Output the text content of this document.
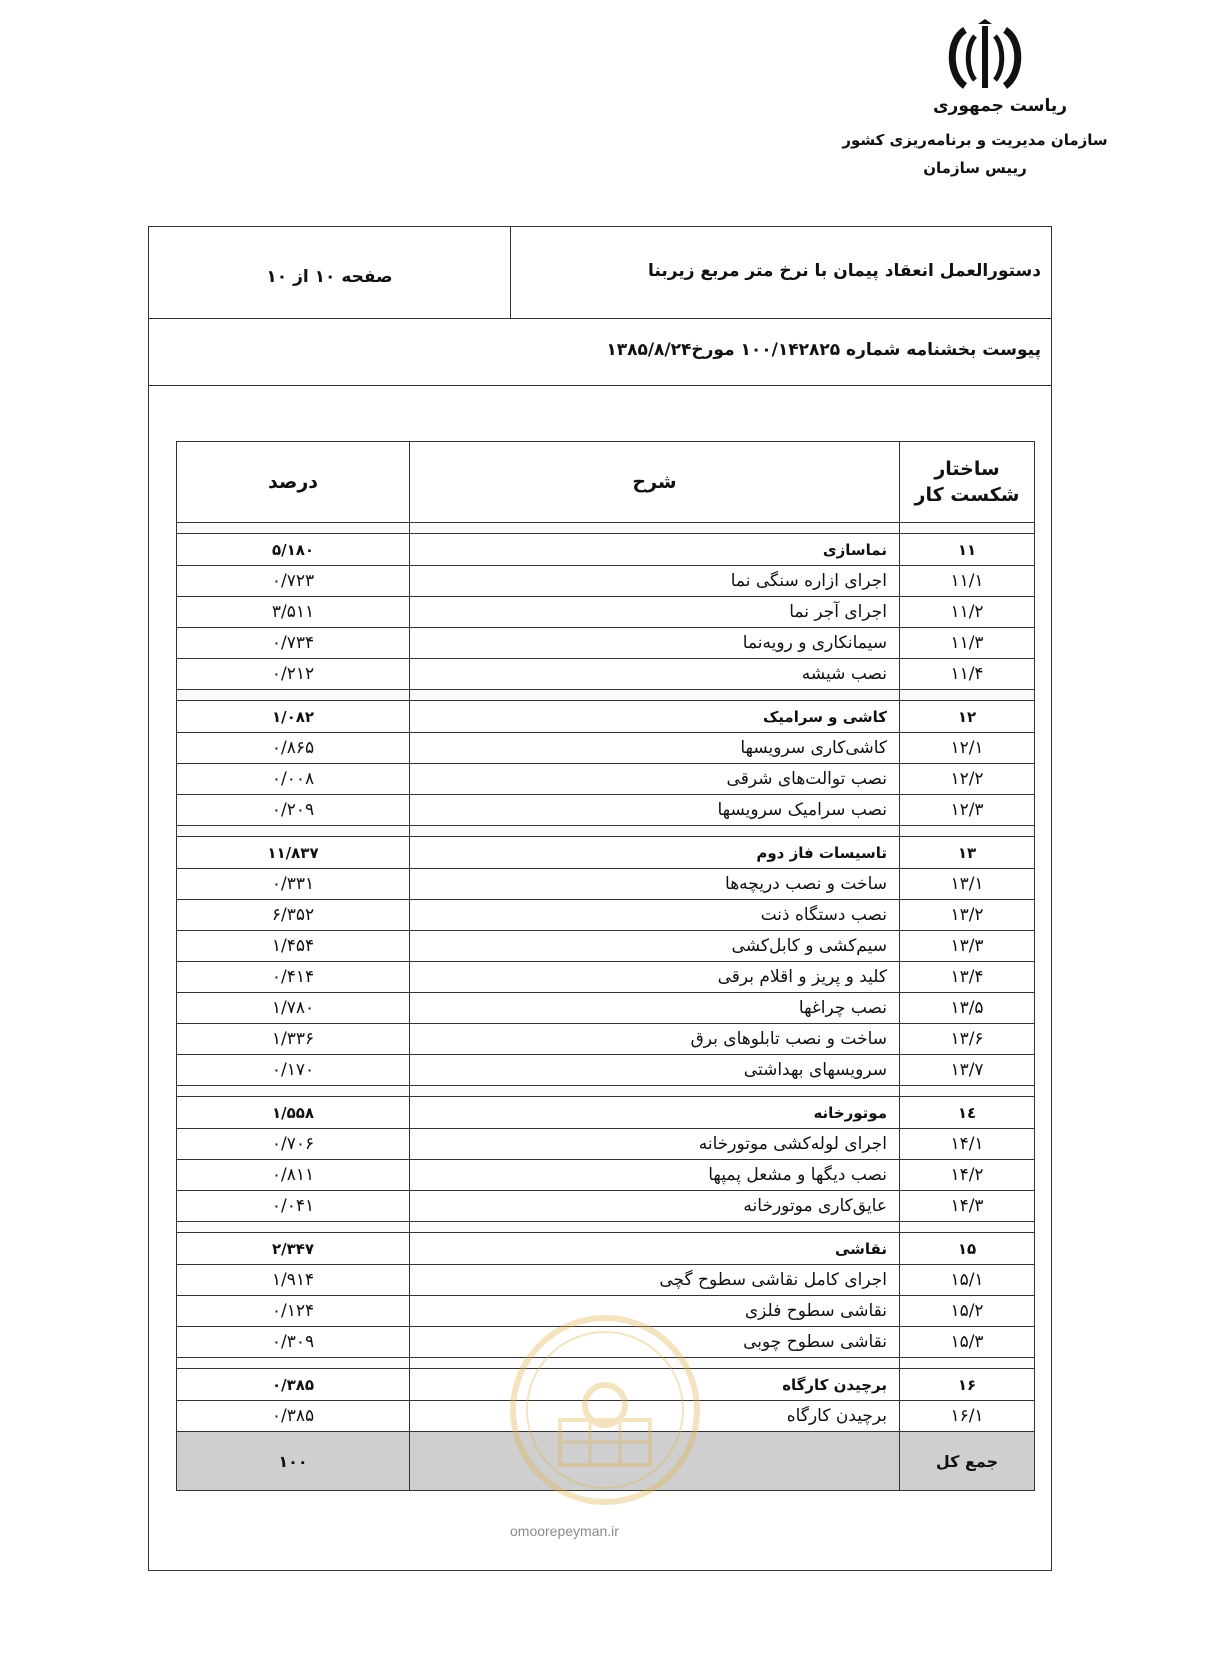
ریاست جمهوری
سازمان مدیریت و برنامه‌ریزی کشور
رییس سازمان
دستورالعمل انعقاد پیمان با نرخ متر مربع زیربنا
صفحه ۱۰ از ۱۰
پیوست بخشنامه شماره ۱۰۰/۱۴۲۸۲۵ مورخ۱۳۸۵/۸/۲۴
ساختار شکست کار	شرح	درصد

۱۱	نماسازی	۵/۱۸۰
۱۱/۱	اجرای ازاره سنگی نما	۰/۷۲۳
۱۱/۲	اجرای آجر نما	۳/۵۱۱
۱۱/۳	سیمانکاری و رویه‌نما	۰/۷۳۴
۱۱/۴	نصب شیشه	۰/۲۱۲

۱۲	کاشی و سرامیک	۱/۰۸۲
۱۲/۱	کاشی‌کاری سرویسها	۰/۸۶۵
۱۲/۲	نصب توالت‌های شرقی	۰/۰۰۸
۱۲/۳	نصب سرامیک سرویسها	۰/۲۰۹

۱۳	تاسیسات فاز دوم	۱۱/۸۳۷
۱۳/۱	ساخت و نصب دریچه‌ها	۰/۳۳۱
۱۳/۲	نصب دستگاه ذنت	۶/۳۵۲
۱۳/۳	سیم‌کشی و کابل‌کشی	۱/۴۵۴
۱۳/۴	کلید و پریز و اقلام برقی	۰/۴۱۴
۱۳/۵	نصب چراغها	۱/۷۸۰
۱۳/۶	ساخت و نصب تابلوهای برق	۱/۳۳۶
۱۳/۷	سرویسهای بهداشتی	۰/۱۷۰

۱٤	موتورخانه	۱/۵۵۸
۱۴/۱	اجرای لوله‌کشی موتورخانه	۰/۷۰۶
۱۴/۲	نصب دیگها و مشعل پمپها	۰/۸۱۱
۱۴/۳	عایق‌کاری موتورخانه	۰/۰۴۱

۱۵	نقاشی	۲/۳۴۷
۱۵/۱	اجرای کامل نقاشی سطوح گچی	۱/۹۱۴
۱۵/۲	نقاشی سطوح فلزی	۰/۱۲۴
۱۵/۳	نقاشی سطوح چوبی	۰/۳۰۹

۱۶	برچیدن کارگاه	۰/۳۸۵
۱۶/۱	برچیدن کارگاه	۰/۳۸۵
جمع کل		۱۰۰
omoorepeyman.ir
